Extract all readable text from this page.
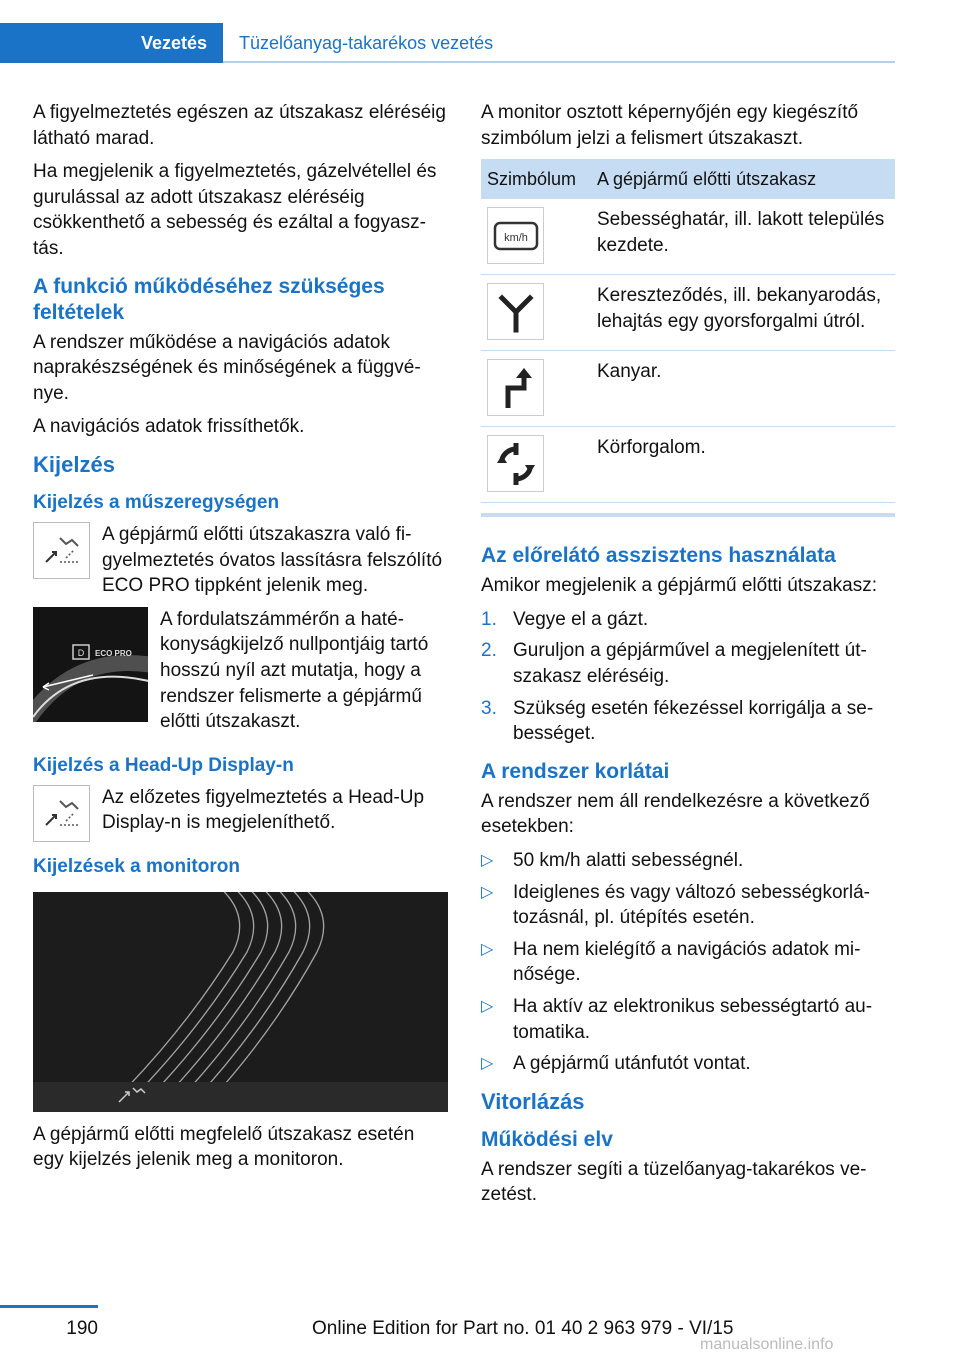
Vezetés	Tüzelőanyag-takarékos vezetés

A figyelmeztetés egészen az útszakasz eléréséig látható marad.

Ha megjelenik a figyelmeztetés, gázelvétellel és gurulással az adott útszakasz eléréséig csökkenthető a sebesség és ezáltal a fogyasztás.

A funkció működéséhez szükséges feltételek

A rendszer működése a navigációs adatok naprakészségének és minőségének a függvénye.

A navigációs adatok frissíthetők.

Kijelzés
Kijelzés a műszeregységen

A gépjármű előtti útszakaszra való figyelmeztetés óvatos lassításra felszólító ECO PRO tippként jelenik meg.

D ECO PRO

A fordulatszámmérőn a hatékonyságkijelző nullpontjáig tartó hosszú nyíl azt mutatja, hogy a rendszer felismerte a gépjármű előtti útszakaszt.

Kijelzés a Head-Up Display-n

Az előzetes figyelmeztetés a Head-Up Display-n is megjeleníthető.

Kijelzések a monitoron

A gépjármű előtti megfelelő útszakasz esetén egy kijelzés jelenik meg a monitoron.

A monitor osztott képernyőjén egy kiegészítő szimbólum jelzi a felismert útszakaszt.

Szimbólum	A gépjármű előtti útszakasz

km/h	Sebességhatár, ill. lakott település kezdete.

	Kereszteződés, ill. bekanyarodás, lehajtás egy gyorsforgalmi útról.

	Kanyar.

	Körforgalom.
Az előrelátó asszisztens használata

Amikor megjelenik a gépjármű előtti útszakasz:

1. Vegye el a gázt.
2. Guruljon a gépjárművel a megjelenített útszakasz eléréséig.
3. Szükség esetén fékezéssel korrigálja a sebességet.
A rendszer korlátai

A rendszer nem áll rendelkezésre a következő esetekben:

▷ 50 km/h alatti sebességnél.
▷ Ideiglenes és vagy változó sebességkorlátozásnál, pl. útépítés esetén.
▷ Ha nem kielégítő a navigációs adatok minősége.
▷ Ha aktív az elektronikus sebességtartó automatika.
▷ A gépjármű utánfutót vontat.
Vitorlázás
Működési elv

A rendszer segíti a tüzelőanyag-takarékos vezetést.

190	Online Edition for Part no. 01 40 2 963 979 - VI/15
manualsonline.info
